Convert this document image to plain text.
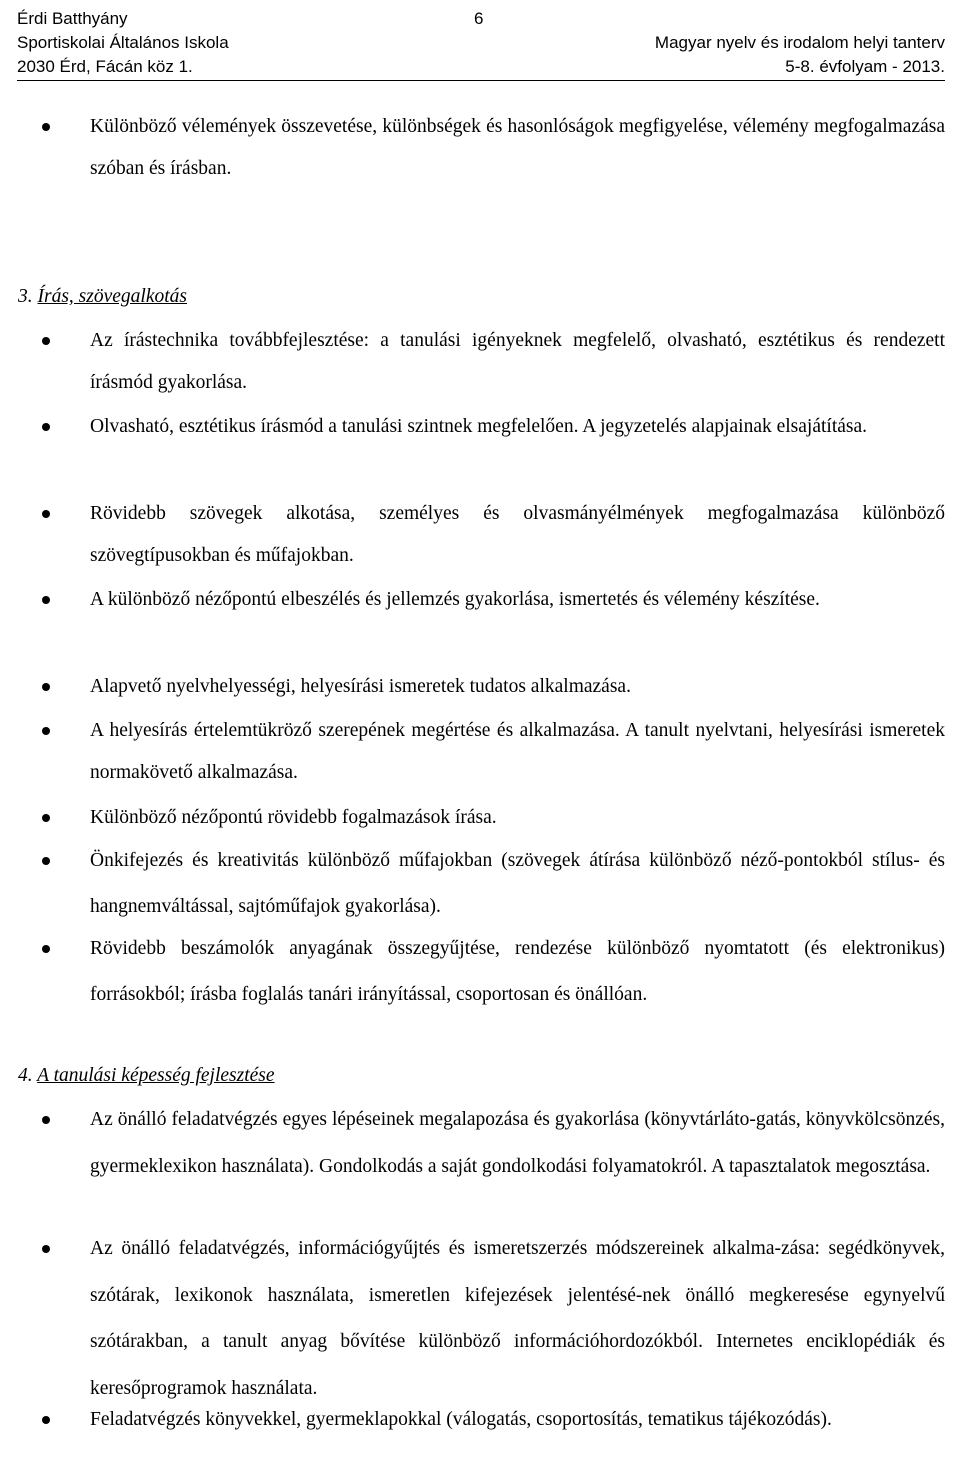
Érdi Batthyány	6
Sportiskolai Általános Iskola	Magyar nyelv és irodalom helyi tanterv
2030 Érd, Fácán köz 1.	5-8. évfolyam - 2013.

Különböző vélemények összevetése, különbségek és hasonlóságok megfigyelése, vélemény megfogalmazása szóban és írásban.

3. Írás, szövegalkotás

Az írástechnika továbbfejlesztése: a tanulási igényeknek megfelelő, olvasható, esztétikus és rendezett írásmód gyakorlása.

Olvasható, esztétikus írásmód a tanulási szintnek megfelelően. A jegyzetelés alapjainak elsajátítása.

Rövidebb szövegek alkotása, személyes és olvasmányélmények megfogalmazása különböző szövegtípusokban és műfajokban.

A különböző nézőpontú elbeszélés és jellemzés gyakorlása, ismertetés és vélemény készítése.

Alapvető nyelvhelyességi, helyesírási ismeretek tudatos alkalmazása.

A helyesírás értelemtükröző szerepének megértése és alkalmazása. A tanult nyelvtani, helyesírási ismeretek normakövető alkalmazása.

Különböző nézőpontú rövidebb fogalmazások írása.

Önkifejezés és kreativitás különböző műfajokban (szövegek átírása különböző néző-pontokból stílus- és hangnemváltással, sajtóműfajok gyakorlása).

Rövidebb beszámolók anyagának összegyűjtése, rendezése különböző nyomtatott (és elektronikus) forrásokból; írásba foglalás tanári irányítással, csoportosan és önállóan.

4. A tanulási képesség fejlesztése

Az önálló feladatvégzés egyes lépéseinek megalapozása és gyakorlása (könyvtárláto-gatás, könyvkölcsönzés, gyermeklexikon használata). Gondolkodás a saját gondolkodási folyamatokról. A tapasztalatok megosztása.

Az önálló feladatvégzés, információgyűjtés és ismeretszerzés módszereinek alkalma-zása: segédkönyvek, szótárak, lexikonok használata, ismeretlen kifejezések jelentésé-nek önálló megkeresése egynyelvű szótárakban, a tanult anyag bővítése különböző információhordozókból. Internetes enciklopédiák és keresőprogramok használata.

Feladatvégzés könyvekkel, gyermeklapokkal (válogatás, csoportosítás, tematikus tájékozódás).
